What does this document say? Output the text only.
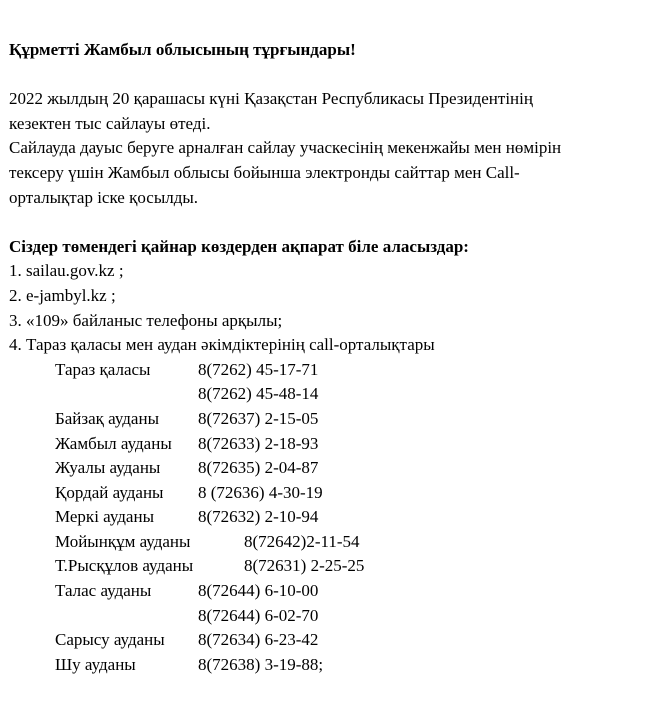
Құрметті Жамбыл облысының тұрғындары!
2022 жылдың 20 қарашасы күні Қазақстан Республикасы Президентінің
кезектен тыс сайлауы өтеді.
Сайлауда дауыс беруге арналған сайлау учаскесінің мекенжайы мен нөмірін
тексеру үшін Жамбыл облысы бойынша электронды сайттар мен Call-
орталықтар іске қосылды.
Сіздер төмендегі қайнар көздерден ақпарат біле аласыздар:
1. sailau.gov.kz ;
2. e-jambyl.kz ;
3. «109» байланыс телефоны арқылы;
4. Тараз қаласы мен аудан әкімдіктерінің call-орталықтары
Тараз қаласы	8(7262) 45-17-71
8(7262) 45-48-14
Байзақ ауданы 8(72637) 2-15-05
Жамбыл ауданы 8(72633) 2-18-93
Жуалы ауданы 8(72635) 2-04-87
Қордай ауданы 8 (72636) 4-30-19
Меркі ауданы	8(72632) 2-10-94
Мойынқұм ауданы	8(72642)2-11-54
Т.Рысқұлов ауданы	8(72631) 2-25-25
Талас ауданы	8(72644) 6-10-00
8(72644) 6-02-70
Сарысу ауданы 8(72634) 6-23-42
Шу ауданы	8(72638) 3-19-88;
